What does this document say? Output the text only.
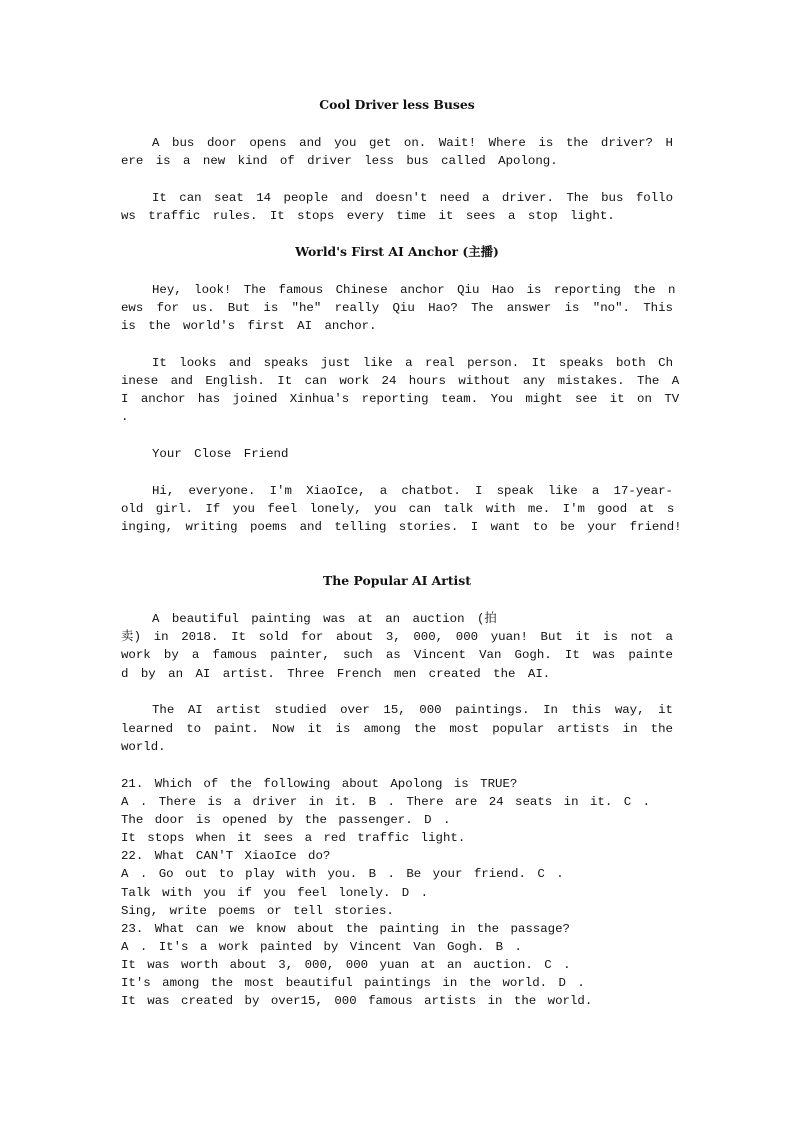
Cool Driver less Buses
A bus door opens and you get on. Wait! Where is the driver? H
ere is a new kind of driver less bus called Apolong.
It can seat 14 people and doesn't need a driver. The bus follo
ws traffic rules. It stops every time it sees a stop light.
World's First AI Anchor (主播)
Hey, look! The famous Chinese anchor Qiu Hao is reporting the n
ews for us. But is "he" really Qiu Hao? The answer is "no". This
is the world's first AI anchor.
It looks and speaks just like a real person. It speaks both Ch
inese and English. It can work 24 hours without any mistakes. The A
I anchor has joined Xinhua's reporting team. You might see it on TV
.
Your Close Friend
Hi, everyone. I'm XiaoIce, a chatbot. I speak like a 17-year-
old girl. If you feel lonely, you can talk with me. I'm good at s
inging, writing poems and telling stories. I want to be your friend!
The Popular AI Artist
A beautiful painting was at an auction (拍
卖) in 2018. It sold for about 3, 000, 000 yuan! But it is not a
work by a famous painter, such as Vincent Van Gogh. It was painte
d by an AI artist. Three French men created the AI.
The AI artist studied over 15, 000 paintings. In this way, it
learned to paint. Now it is among the most popular artists in the
world.
21. Which of the following about Apolong is TRUE?
A . There is a driver in it. B . There are 24 seats in it. C .
The door is opened by the passenger. D .
It stops when it sees a red traffic light.
22. What CAN'T XiaoIce do?
A . Go out to play with you. B . Be your friend. C .
Talk with you if you feel lonely. D .
Sing, write poems or tell stories.
23. What can we know about the painting in the passage?
A . It's a work painted by Vincent Van Gogh. B .
It was worth about 3, 000, 000 yuan at an auction. C .
It's among the most beautiful paintings in the world. D .
It was created by over15, 000 famous artists in the world.
